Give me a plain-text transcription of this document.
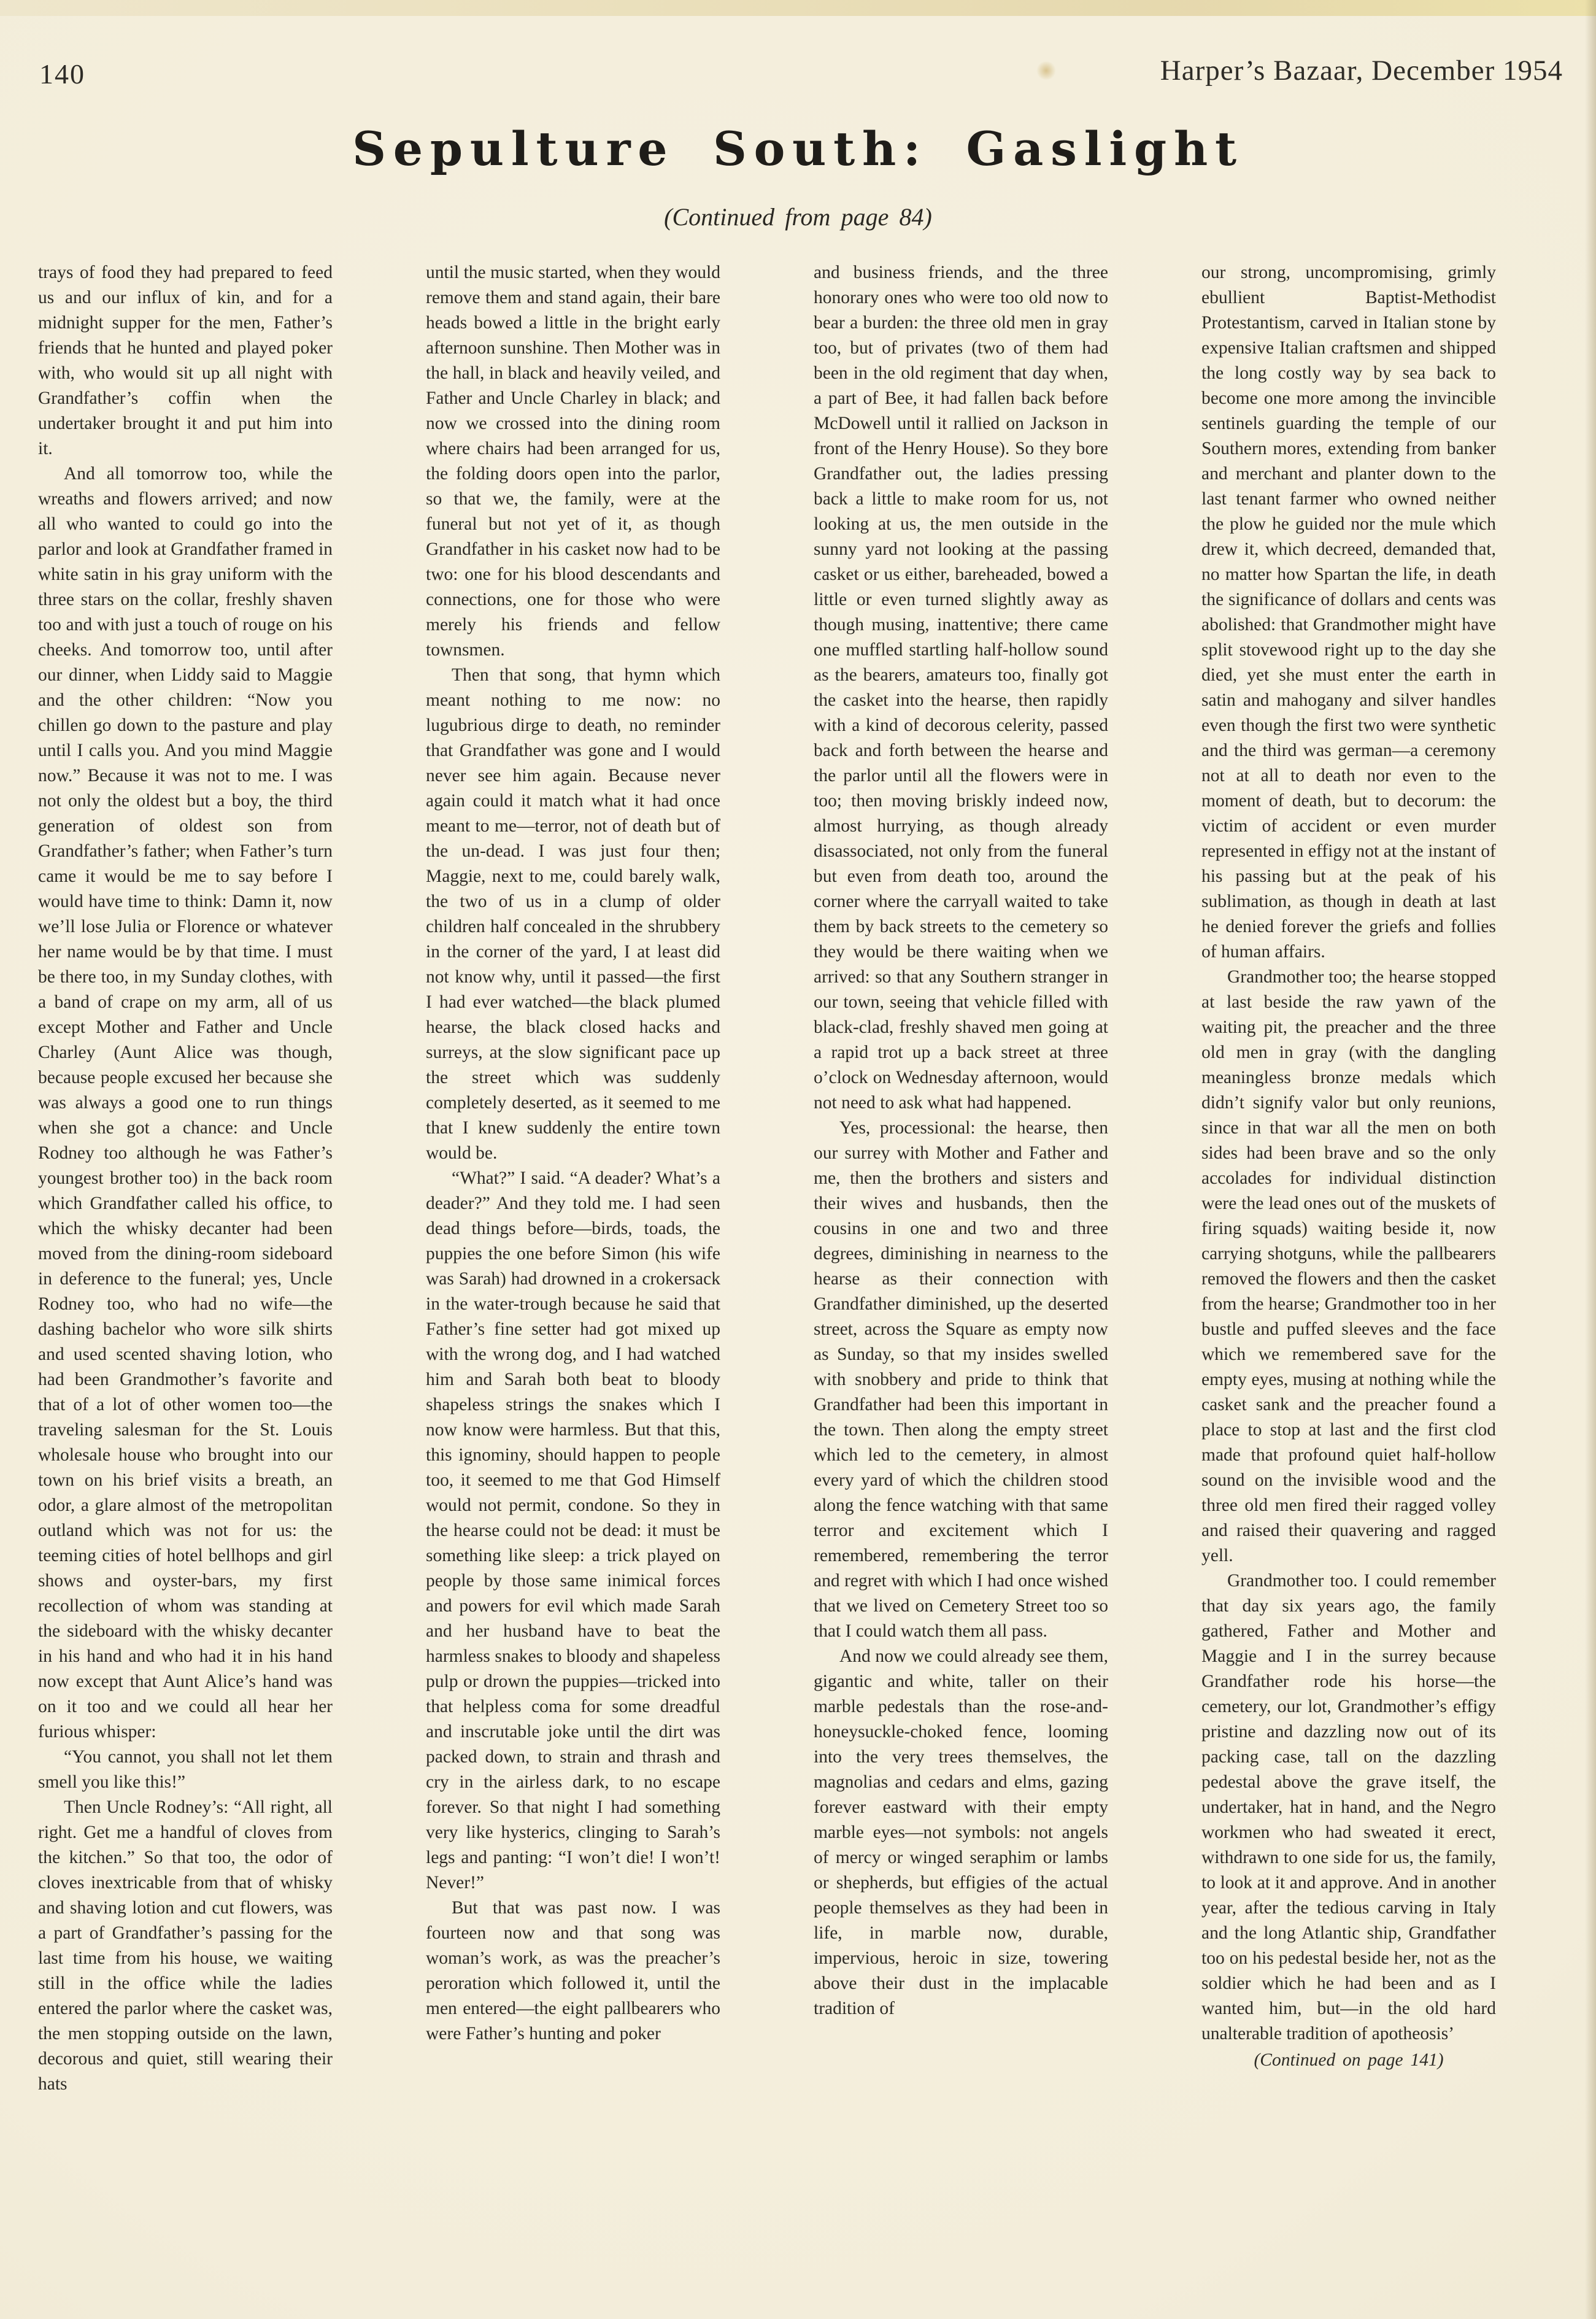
140	Harper’s Bazaar, December 1954
Sepulture South: Gaslight
(Continued from page 84)

trays of food they had prepared to feed us and our influx of kin, and for a midnight supper for the men, Father’s friends that he hunted and played poker with, who would sit up all night with Grandfather’s coffin when the undertaker brought it and put him into it.

And all tomorrow too, while the wreaths and flowers arrived; and now all who wanted to could go into the parlor and look at Grandfather framed in white satin in his gray uniform with the three stars on the collar, freshly shaven too and with just a touch of rouge on his cheeks. And tomorrow too, until after our dinner, when Liddy said to Maggie and the other children: “Now you chillen go down to the pasture and play until I calls you. And you mind Maggie now.” Because it was not to me. I was not only the oldest but a boy, the third generation of oldest son from Grandfather’s father; when Father’s turn came it would be me to say before I would have time to think: Damn it, now we’ll lose Julia or Florence or whatever her name would be by that time. I must be there too, in my Sunday clothes, with a band of crape on my arm, all of us except Mother and Father and Uncle Charley (Aunt Alice was though, because people excused her because she was always a good one to run things when she got a chance: and Uncle Rodney too although he was Father’s youngest brother too) in the back room which Grandfather called his office, to which the whisky decanter had been moved from the dining-room sideboard in deference to the funeral; yes, Uncle Rodney too, who had no wife—the dashing bachelor who wore silk shirts and used scented shaving lotion, who had been Grandmother’s favorite and that of a lot of other women too—the traveling salesman for the St. Louis wholesale house who brought into our town on his brief visits a breath, an odor, a glare almost of the metropolitan outland which was not for us: the teeming cities of hotel bellhops and girl shows and oyster-bars, my first recollection of whom was standing at the sideboard with the whisky decanter in his hand and who had it in his hand now except that Aunt Alice’s hand was on it too and we could all hear her furious whisper:

“You cannot, you shall not let them smell you like this!”

Then Uncle Rodney’s: “All right, all right. Get me a handful of cloves from the kitchen.” So that too, the odor of cloves inextricable from that of whisky and shaving lotion and cut flowers, was a part of Grandfather’s passing for the last time from his house, we waiting still in the office while the ladies entered the parlor where the casket was, the men stopping outside on the lawn, decorous and quiet, still wearing their hats

until the music started, when they would remove them and stand again, their bare heads bowed a little in the bright early afternoon sunshine. Then Mother was in the hall, in black and heavily veiled, and Father and Uncle Charley in black; and now we crossed into the dining room where chairs had been arranged for us, the folding doors open into the parlor, so that we, the family, were at the funeral but not yet of it, as though Grandfather in his casket now had to be two: one for his blood descendants and connections, one for those who were merely his friends and fellow townsmen.

Then that song, that hymn which meant nothing to me now: no lugubrious dirge to death, no reminder that Grandfather was gone and I would never see him again. Because never again could it match what it had once meant to me—terror, not of death but of the un-dead. I was just four then; Maggie, next to me, could barely walk, the two of us in a clump of older children half concealed in the shrubbery in the corner of the yard, I at least did not know why, until it passed—the first I had ever watched—the black plumed hearse, the black closed hacks and surreys, at the slow significant pace up the street which was suddenly completely deserted, as it seemed to me that I knew suddenly the entire town would be.

“What?” I said. “A deader? What’s a deader?” And they told me. I had seen dead things before—birds, toads, the puppies the one before Simon (his wife was Sarah) had drowned in a crokersack in the water-trough because he said that Father’s fine setter had got mixed up with the wrong dog, and I had watched him and Sarah both beat to bloody shapeless strings the snakes which I now know were harmless. But that this, this ignominy, should happen to people too, it seemed to me that God Himself would not permit, condone. So they in the hearse could not be dead: it must be something like sleep: a trick played on people by those same inimical forces and powers for evil which made Sarah and her husband have to beat the harmless snakes to bloody and shapeless pulp or drown the puppies—tricked into that helpless coma for some dreadful and inscrutable joke until the dirt was packed down, to strain and thrash and cry in the airless dark, to no escape forever. So that night I had something very like hysterics, clinging to Sarah’s legs and panting: “I won’t die! I won’t! Never!”

But that was past now. I was fourteen now and that song was woman’s work, as was the preacher’s peroration which followed it, until the men entered—the eight pallbearers who were Father’s hunting and poker

and business friends, and the three honorary ones who were too old now to bear a burden: the three old men in gray too, but of privates (two of them had been in the old regiment that day when, a part of Bee, it had fallen back before McDowell until it rallied on Jackson in front of the Henry House). So they bore Grandfather out, the ladies pressing back a little to make room for us, not looking at us, the men outside in the sunny yard not looking at the passing casket or us either, bareheaded, bowed a little or even turned slightly away as though musing, inattentive; there came one muffled startling half-hollow sound as the bearers, amateurs too, finally got the casket into the hearse, then rapidly with a kind of decorous celerity, passed back and forth between the hearse and the parlor until all the flowers were in too; then moving briskly indeed now, almost hurrying, as though already disassociated, not only from the funeral but even from death too, around the corner where the carryall waited to take them by back streets to the cemetery so they would be there waiting when we arrived: so that any Southern stranger in our town, seeing that vehicle filled with black-clad, freshly shaved men going at a rapid trot up a back street at three o’clock on Wednesday afternoon, would not need to ask what had happened.

Yes, processional: the hearse, then our surrey with Mother and Father and me, then the brothers and sisters and their wives and husbands, then the cousins in one and two and three degrees, diminishing in nearness to the hearse as their connection with Grandfather diminished, up the deserted street, across the Square as empty now as Sunday, so that my insides swelled with snobbery and pride to think that Grandfather had been this important in the town. Then along the empty street which led to the cemetery, in almost every yard of which the children stood along the fence watching with that same terror and excitement which I remembered, remembering the terror and regret with which I had once wished that we lived on Cemetery Street too so that I could watch them all pass.

And now we could already see them, gigantic and white, taller on their marble pedestals than the rose-and-honeysuckle-choked fence, looming into the very trees themselves, the magnolias and cedars and elms, gazing forever eastward with their empty marble eyes—not symbols: not angels of mercy or winged seraphim or lambs or shepherds, but effigies of the actual people themselves as they had been in life, in marble now, durable, impervious, heroic in size, towering above their dust in the implacable tradition of

our strong, uncompromising, grimly ebullient Baptist-Methodist Protestantism, carved in Italian stone by expensive Italian craftsmen and shipped the long costly way by sea back to become one more among the invincible sentinels guarding the temple of our Southern mores, extending from banker and merchant and planter down to the last tenant farmer who owned neither the plow he guided nor the mule which drew it, which decreed, demanded that, no matter how Spartan the life, in death the significance of dollars and cents was abolished: that Grandmother might have split stovewood right up to the day she died, yet she must enter the earth in satin and mahogany and silver handles even though the first two were synthetic and the third was german—a ceremony not at all to death nor even to the moment of death, but to decorum: the victim of accident or even murder represented in effigy not at the instant of his passing but at the peak of his sublimation, as though in death at last he denied forever the griefs and follies of human affairs.

Grandmother too; the hearse stopped at last beside the raw yawn of the waiting pit, the preacher and the three old men in gray (with the dangling meaningless bronze medals which didn’t signify valor but only reunions, since in that war all the men on both sides had been brave and so the only accolades for individual distinction were the lead ones out of the muskets of firing squads) waiting beside it, now carrying shotguns, while the pallbearers removed the flowers and then the casket from the hearse; Grandmother too in her bustle and puffed sleeves and the face which we remembered save for the empty eyes, musing at nothing while the casket sank and the preacher found a place to stop at last and the first clod made that profound quiet half-hollow sound on the invisible wood and the three old men fired their ragged volley and raised their quavering and ragged yell.

Grandmother too. I could remember that day six years ago, the family gathered, Father and Mother and Maggie and I in the surrey because Grandfather rode his horse—the cemetery, our lot, Grandmother’s effigy pristine and dazzling now out of its packing case, tall on the dazzling pedestal above the grave itself, the undertaker, hat in hand, and the Negro workmen who had sweated it erect, withdrawn to one side for us, the family, to look at it and approve. And in another year, after the tedious carving in Italy and the long Atlantic ship, Grandfather too on his pedestal beside her, not as the soldier which he had been and as I wanted him, but—in the old hard unalterable tradition of apotheosis’

(Continued on page 141)
